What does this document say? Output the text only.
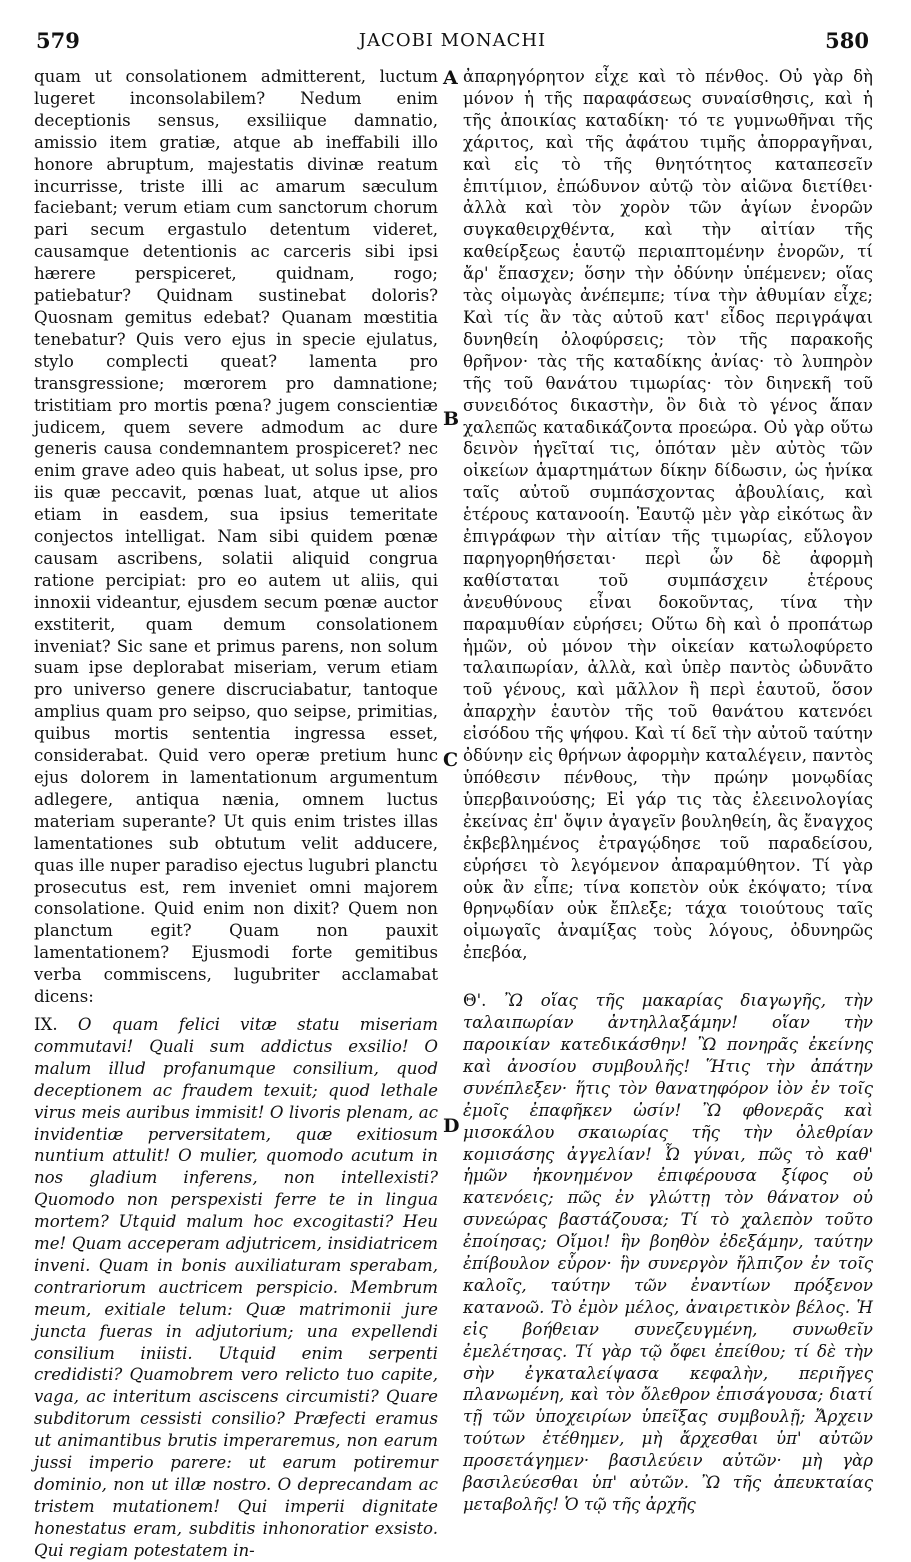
579	JACOBI MONACHI	580

quam ut consolationem admitterent, luctum lugeret inconsolabilem? Nedum enim deceptionis sensus, exsiliique damnatio, amissio item gratiæ, atque ab ineffabili illo honore abruptum, majestatis divinæ reatum incurrisse, triste illi ac amarum sæculum faciebant; verum etiam cum sanctorum chorum pari secum ergastulo detentum videret, causamque detentionis ac carceris sibi ipsi hærere perspiceret, quidnam, rogo; patiebatur? Quidnam sustinebat doloris? Quosnam gemitus edebat? Quanam mœstitia tenebatur? Quis vero ejus in specie ejulatus, stylo complecti queat? lamenta pro transgressione; mœrorem pro damnatione; tristitiam pro mortis pœna? jugem conscientiæ judicem, quem severe admodum ac dure generis causa condemnantem prospiceret? nec enim grave adeo quis habeat, ut solus ipse, pro iis quæ peccavit, pœnas luat, atque ut alios etiam in easdem, sua ipsius temeritate conjectos intelligat. Nam sibi quidem pœnæ causam ascribens, solatii aliquid congrua ratione percipiat: pro eo autem ut aliis, qui innoxii videantur, ejusdem secum pœnæ auctor exstiterit, quam demum consolationem inveniat? Sic sane et primus parens, non solum suam ipse deplorabat miseriam, verum etiam pro universo genere discruciabatur, tantoque amplius quam pro seipso, quo seipse, primitias, quibus mortis sententia ingressa esset, considerabat. Quid vero operæ pretium hunc ejus dolorem in lamentationum argumentum adlegere, antiqua nænia, omnem luctus materiam superante? Ut quis enim tristes illas lamentationes sub obtutum velit adducere, quas ille nuper paradiso ejectus lugubri planctu prosecutus est, rem inveniet omni majorem consolatione. Quid enim non dixit? Quem non planctum egit? Quam non pauxit lamentationem? Ejusmodi forte gemitibus verba commiscens, lugubriter acclamabat dicens:

IX. O quam felici vitæ statu miseriam commutavi! Quali sum addictus exsilio! O malum illud profanumque consilium, quod deceptionem ac fraudem texuit; quod lethale virus meis auribus immisit! O livoris plenam, ac invidentiæ perversitatem, quæ exitiosum nuntium attulit! O mulier, quomodo acutum in nos gladium inferens, non intellexisti? Quomodo non perspexisti ferre te in lingua mortem? Utquid malum hoc excogitasti? Heu me! Quam acceperam adjutricem, insidiatricem inveni. Quam in bonis auxiliaturam sperabam, contrariorum auctricem perspicio. Membrum meum, exitiale telum: Quæ matrimonii jure juncta fueras in adjutorium; una expellendi consilium iniisti. Utquid enim serpenti credidisti? Quamobrem vero relicto tuo capite, vaga, ac interitum asciscens circumisti? Quare subditorum cessisti consilio? Præfecti eramus ut animantibus brutis imperaremus, non earum jussi imperio parere: ut earum potiremur dominio, non ut illæ nostro. O deprecandam ac tristem mutationem! Qui imperii dignitate honestatus eram, subditis inhonoratior exsisto. Qui regiam potestatem in-

A
B
C
D

ἀπαρηγόρητον εἶχε καὶ τὸ πένθος. Οὐ γὰρ δὴ μόνον ἡ τῆς παραφάσεως συναίσθησις, καὶ ἡ τῆς ἀποικίας καταδίκη· τό τε γυμνωθῆναι τῆς χάριτος, καὶ τῆς ἀφάτου τιμῆς ἀπορραγῆναι, καὶ εἰς τὸ τῆς θνητότητος καταπεσεῖν ἐπιτίμιον, ἐπώδυνον αὐτῷ τὸν αἰῶνα διετίθει· ἀλλὰ καὶ τὸν χορὸν τῶν ἁγίων ἐνορῶν συγκαθειρχθέντα, καὶ τὴν αἰτίαν τῆς καθείρξεως ἑαυτῷ περιαπτομένην ἐνορῶν, τί ἄρ' ἔπασχεν; ὅσην τὴν ὀδύνην ὑπέμενεν; οἵας τὰς οἰμωγὰς ἀνέπεμπε; τίνα τὴν ἀθυμίαν εἶχε; Καὶ τίς ἂν τὰς αὐτοῦ κατ' εἶδος περιγράψαι δυνηθείη ὀλοφύρσεις; τὸν τῆς παρακοῆς θρῆνον· τὰς τῆς καταδίκης ἀνίας· τὸ λυπηρὸν τῆς τοῦ θανάτου τιμωρίας· τὸν διηνεκῆ τοῦ συνειδότος δικαστὴν, ὃν διὰ τὸ γένος ἅπαν χαλεπῶς καταδικάζοντα προεώρα. Οὐ γὰρ οὕτω δεινὸν ἡγεῖταί τις, ὁπόταν μὲν αὐτὸς τῶν οἰκείων ἁμαρτημάτων δίκην δίδωσιν, ὡς ἡνίκα ταῖς αὐτοῦ συμπάσχοντας ἀβουλίαις, καὶ ἑτέρους κατανοοίη. Ἑαυτῷ μὲν γὰρ εἰκότως ἂν ἐπιγράφων τὴν αἰτίαν τῆς τιμωρίας, εὔλογον παρηγορηθήσεται· περὶ ὧν δὲ ἀφορμὴ καθίσταται τοῦ συμπάσχειν ἑτέρους ἀνευθύνους εἶναι δοκοῦντας, τίνα τὴν παραμυθίαν εὑρήσει; Οὕτω δὴ καὶ ὁ προπάτωρ ἡμῶν, οὐ μόνον τὴν οἰκείαν κατωλοφύρετο ταλαιπωρίαν, ἀλλὰ, καὶ ὑπὲρ παντὸς ὠδυνᾶτο τοῦ γένους, καὶ μᾶλλον ἢ περὶ ἑαυτοῦ, ὅσον ἀπαρχὴν ἑαυτὸν τῆς τοῦ θανάτου κατενόει εἰσόδου τῆς ψήφου. Καὶ τί δεῖ τὴν αὐτοῦ ταύτην ὀδύνην εἰς θρήνων ἀφορμὴν καταλέγειν, παντὸς ὑπόθεσιν πένθους, τὴν πρώην μονῳδίας ὑπερβαινούσης; Εἰ γάρ τις τὰς ἐλεεινολογίας ἐκείνας ἐπ' ὄψιν ἀγαγεῖν βουληθείη, ἃς ἔναγχος ἐκβεβλημένος ἐτραγῴδησε τοῦ παραδείσου, εὑρήσει τὸ λεγόμενον ἀπαραμύθητον. Τί γὰρ οὐκ ἂν εἶπε; τίνα κοπετὸν οὐκ ἐκόψατο; τίνα θρηνῳδίαν οὐκ ἔπλεξε; τάχα τοιούτους ταῖς οἰμωγαῖς ἀναμίξας τοὺς λόγους, ὀδυνηρῶς ἐπεβόα,

Θ'. Ὢ οἵας τῆς μακαρίας διαγωγῆς, τὴν ταλαιπωρίαν ἀντηλλαξάμην! οἵαν τὴν παροικίαν κατεδικάσθην! Ὢ πονηρᾶς ἐκείνης καὶ ἀνοσίου συμβουλῆς! Ἥτις τὴν ἀπάτην συνέπλεξεν· ἥτις τὸν θανατηφόρον ἰὸν ἐν τοῖς ἐμοῖς ἐπαφῆκεν ὠσίν! Ὢ φθονερᾶς καὶ μισοκάλου σκαιωρίας τῆς τὴν ὀλεθρίαν κομισάσης ἀγγελίαν! Ὦ γύναι, πῶς τὸ καθ' ἡμῶν ἠκονημένον ἐπιφέρουσα ξίφος οὐ κατενόεις; πῶς ἐν γλώττῃ τὸν θάνατον οὐ συνεώρας βαστάζουσα; Τί τὸ χαλεπὸν τοῦτο ἐποίησας; Οἴμοι! ἣν βοηθὸν ἐδεξάμην, ταύτην ἐπίβουλον εὗρον· ἣν συνεργὸν ἤλπιζον ἐν τοῖς καλοῖς, ταύτην τῶν ἐναντίων πρόξενον κατανοῶ. Τὸ ἐμὸν μέλος, ἀναιρετικὸν βέλος. Ἡ εἰς βοήθειαν συνεζευγμένη, συνωθεῖν ἐμελέτησας. Τί γὰρ τῷ ὄφει ἐπείθου; τί δὲ τὴν σὴν ἐγκαταλείψασα κεφαλὴν, περιῆγες πλανωμένη, καὶ τὸν ὄλεθρον ἐπισάγουσα; διατί τῇ τῶν ὑποχειρίων ὑπεῖξας συμβουλῇ; Ἄρχειν τούτων ἐτέθημεν, μὴ ἄρχεσθαι ὑπ' αὐτῶν προσετάγημεν· βασιλεύειν αὐτῶν· μὴ γὰρ βασιλεύεσθαι ὑπ' αὐτῶν. Ὢ τῆς ἀπευκταίας μεταβολῆς! Ὁ τῷ τῆς ἀρχῆς
